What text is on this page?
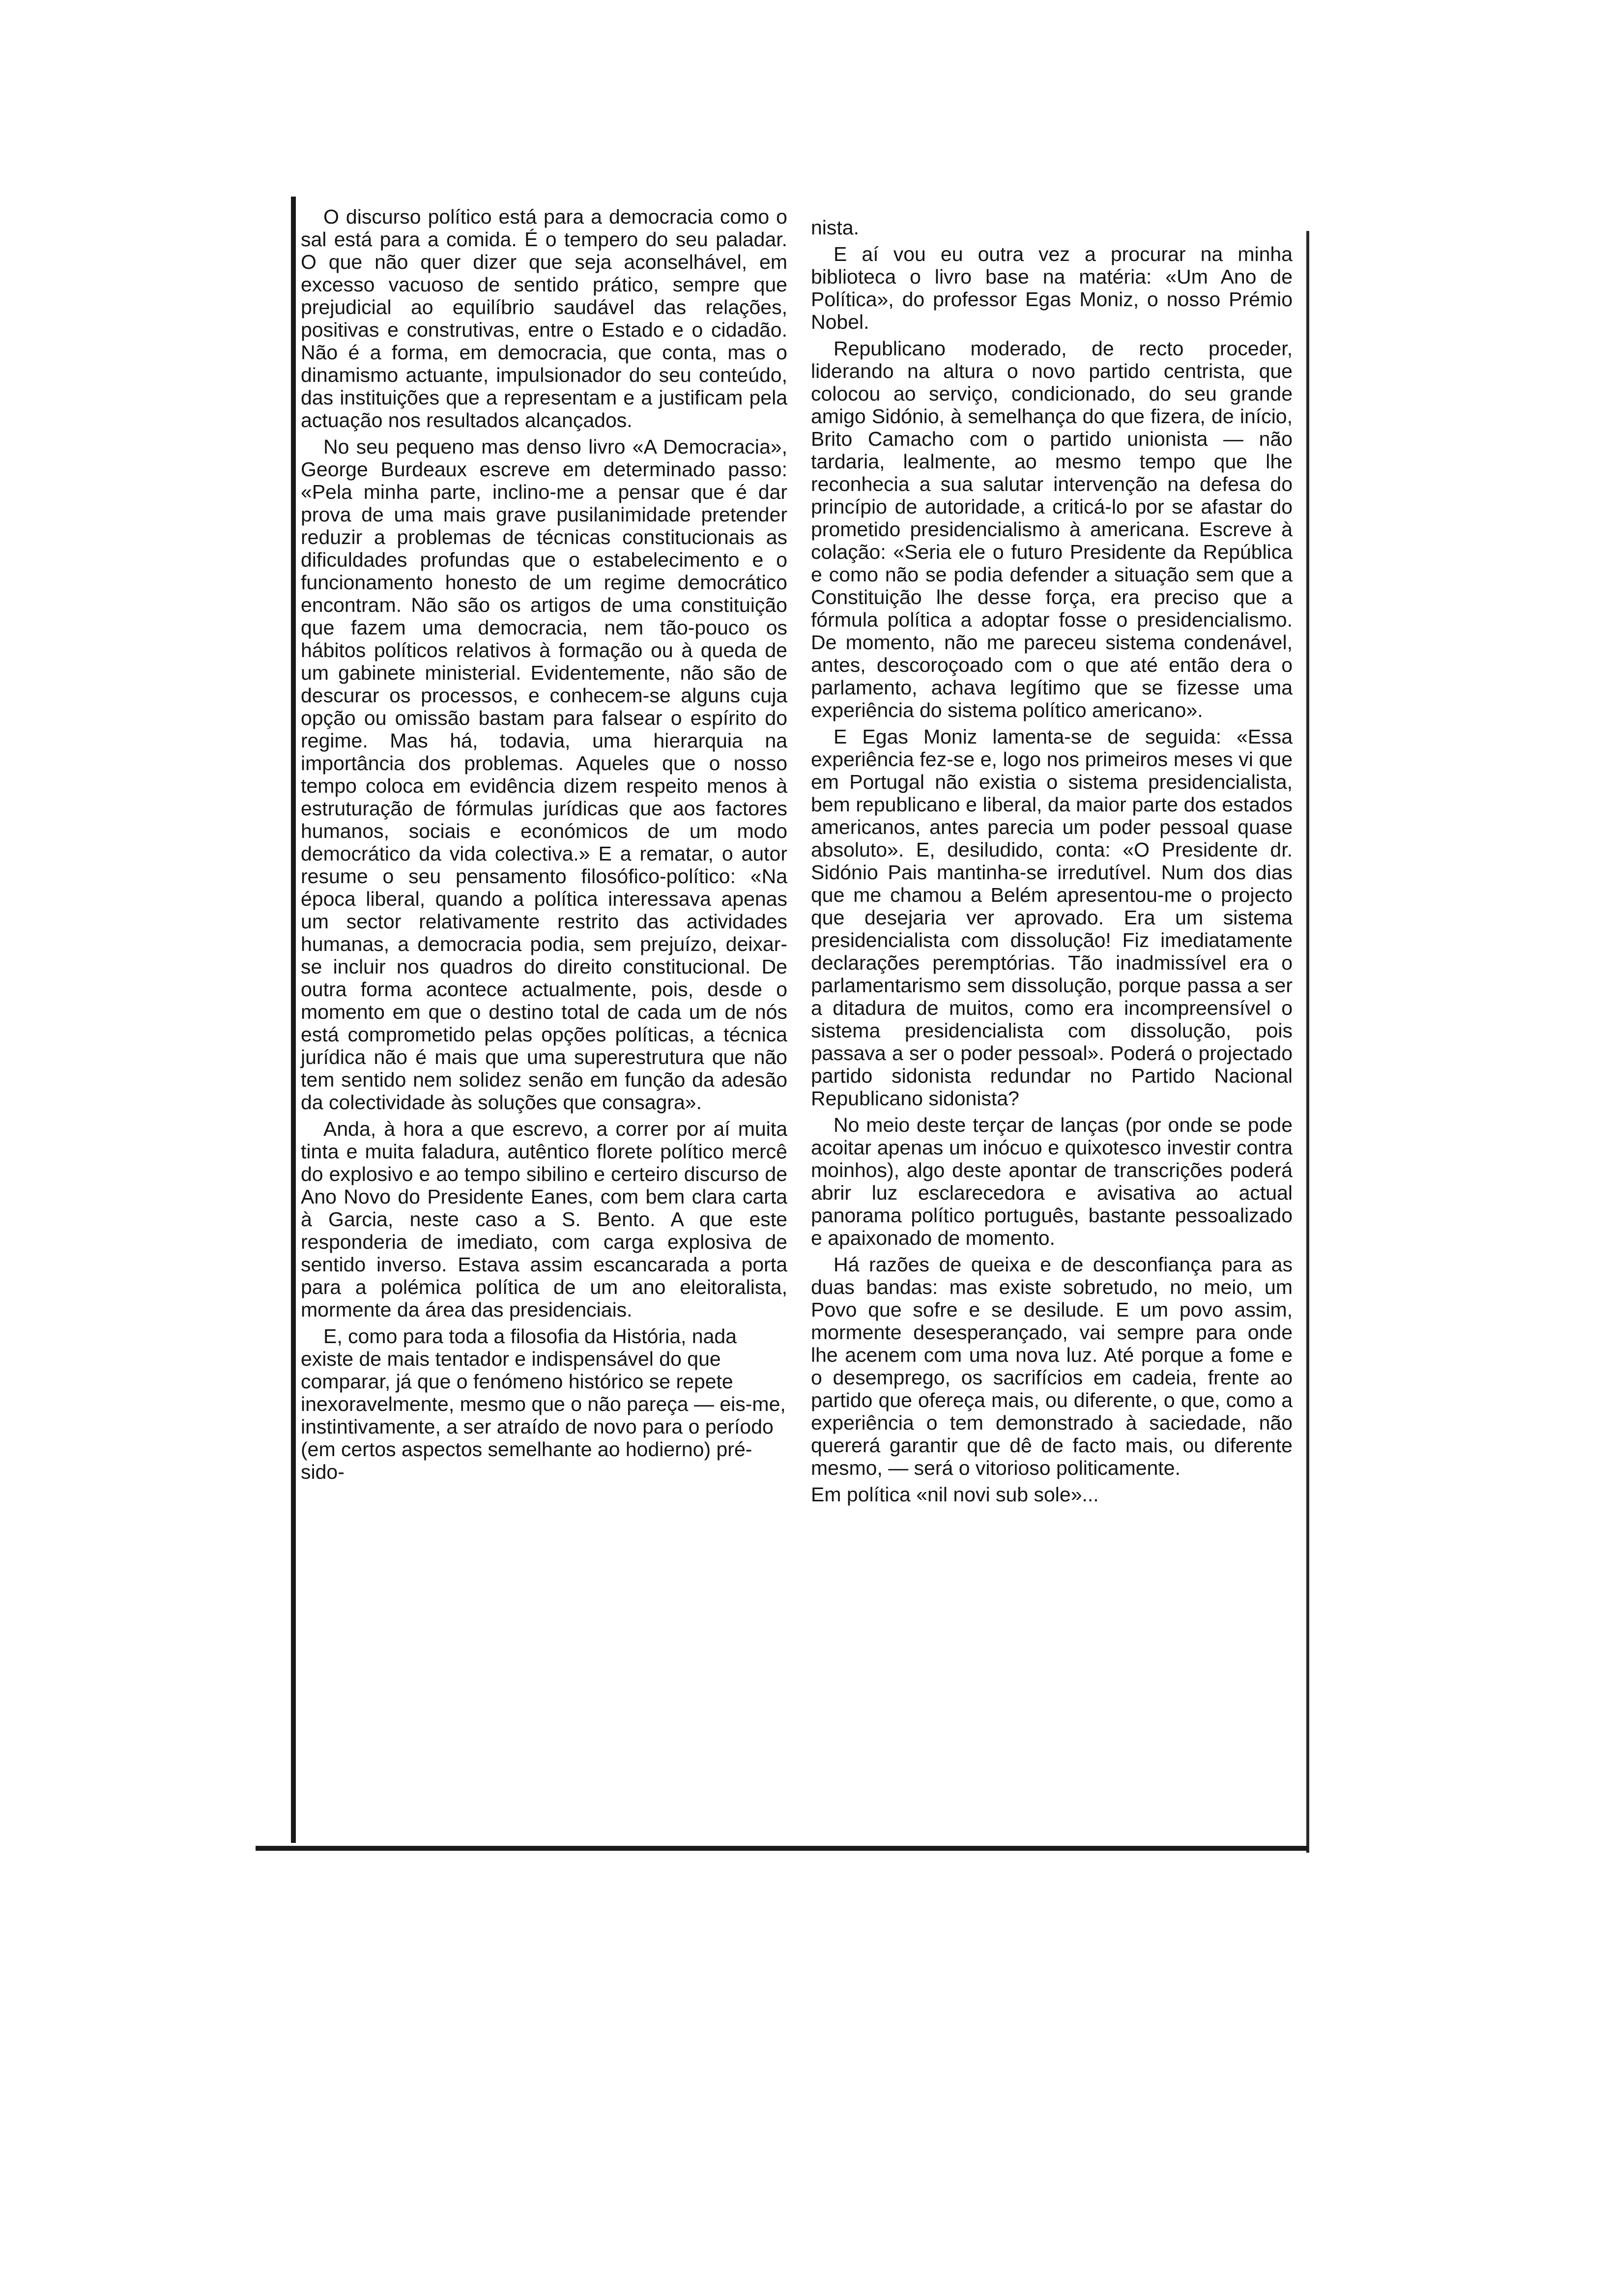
O discurso político está para a democracia como o sal está para a comida. É o tempero do seu paladar. O que não quer dizer que seja aconselhável, em excesso vacuoso de sentido prático, sempre que prejudicial ao equilíbrio saudável das relações, positivas e construtivas, entre o Estado e o cidadão. Não é a forma, em democracia, que conta, mas o dinamismo actuante, impulsionador do seu conteúdo, das instituições que a representam e a justificam pela actuação nos resultados alcançados.

No seu pequeno mas denso livro «A Democracia», George Burdeaux escreve em determinado passo: «Pela minha parte, inclino-me a pensar que é dar prova de uma mais grave pusilanimidade pretender reduzir a problemas de técnicas constitucionais as dificuldades profundas que o estabelecimento e o funcionamento honesto de um regime democrático encontram. Não são os artigos de uma constituição que fazem uma democracia, nem tão-pouco os hábitos políticos relativos à formação ou à queda de um gabinete ministerial. Evidentemente, não são de descurar os processos, e conhecem-se alguns cuja opção ou omissão bastam para falsear o espírito do regime. Mas há, todavia, uma hierarquia na importância dos problemas. Aqueles que o nosso tempo coloca em evidência dizem respeito menos à estruturação de fórmulas jurídicas que aos factores humanos, sociais e económicos de um modo democrático da vida colectiva.» E a rematar, o autor resume o seu pensamento filosófico-político: «Na época liberal, quando a política interessava apenas um sector relativamente restrito das actividades humanas, a democracia podia, sem prejuízo, deixar-se incluir nos quadros do direito constitucional. De outra forma acontece actualmente, pois, desde o momento em que o destino total de cada um de nós está comprometido pelas opções políticas, a técnica jurídica não é mais que uma superestrutura que não tem sentido nem solidez senão em função da adesão da colectividade às soluções que consagra».

Anda, à hora a que escrevo, a correr por aí muita tinta e muita faladura, autêntico florete político mercê do explosivo e ao tempo sibilino e certeiro discurso de Ano Novo do Presidente Eanes, com bem clara carta à Garcia, neste caso a S. Bento. A que este responderia de imediato, com carga explosiva de sentido inverso. Estava assim escancarada a porta para a polémica política de um ano eleitoralista, mormente da área das presidenciais.

E, como para toda a filosofia da História, nada existe de mais tentador e indispensável do que comparar, já que o fenómeno histórico se repete inexoravelmente, mesmo que o não pareça — eis-me, instintivamente, a ser atraído de novo para o período (em certos aspectos semelhante ao hodierno) pré-sido-

nista.

E aí vou eu outra vez a procurar na minha biblioteca o livro base na matéria: «Um Ano de Política», do professor Egas Moniz, o nosso Prémio Nobel.

Republicano moderado, de recto proceder, liderando na altura o novo partido centrista, que colocou ao serviço, condicionado, do seu grande amigo Sidónio, à semelhança do que fizera, de início, Brito Camacho com o partido unionista — não tardaria, lealmente, ao mesmo tempo que lhe reconhecia a sua salutar intervenção na defesa do princípio de autoridade, a criticá-lo por se afastar do prometido presidencialismo à americana. Escreve à colação: «Seria ele o futuro Presidente da República e como não se podia defender a situação sem que a Constituição lhe desse força, era preciso que a fórmula política a adoptar fosse o presidencialismo. De momento, não me pareceu sistema condenável, antes, descoroçoado com o que até então dera o parlamento, achava legítimo que se fizesse uma experiência do sistema político americano».

E Egas Moniz lamenta-se de seguida: «Essa experiência fez-se e, logo nos primeiros meses vi que em Portugal não existia o sistema presidencialista, bem republicano e liberal, da maior parte dos estados americanos, antes parecia um poder pessoal quase absoluto». E, desiludido, conta: «O Presidente dr. Sidónio Pais mantinha-se irredutível. Num dos dias que me chamou a Belém apresentou-me o projecto que desejaria ver aprovado. Era um sistema presidencialista com dissolução! Fiz imediatamente declarações peremptórias. Tão inadmissível era o parlamentarismo sem dissolução, porque passa a ser a ditadura de muitos, como era incompreensível o sistema presidencialista com dissolução, pois passava a ser o poder pessoal». Poderá o projectado partido sidonista redundar no Partido Nacional Republicano sidonista?

No meio deste terçar de lanças (por onde se pode acoitar apenas um inócuo e quixotesco investir contra moinhos), algo deste apontar de transcrições poderá abrir luz esclarecedora e avisativa ao actual panorama político português, bastante pessoalizado e apaixonado de momento.

Há razões de queixa e de desconfiança para as duas bandas: mas existe sobretudo, no meio, um Povo que sofre e se desilude. E um povo assim, mormente desesperançado, vai sempre para onde lhe acenem com uma nova luz. Até porque a fome e o desemprego, os sacrifícios em cadeia, frente ao partido que ofereça mais, ou diferente, o que, como a experiência o tem demonstrado à saciedade, não quererá garantir que dê de facto mais, ou diferente mesmo, — será o vitorioso politicamente.

Em política «nil novi sub sole»...
